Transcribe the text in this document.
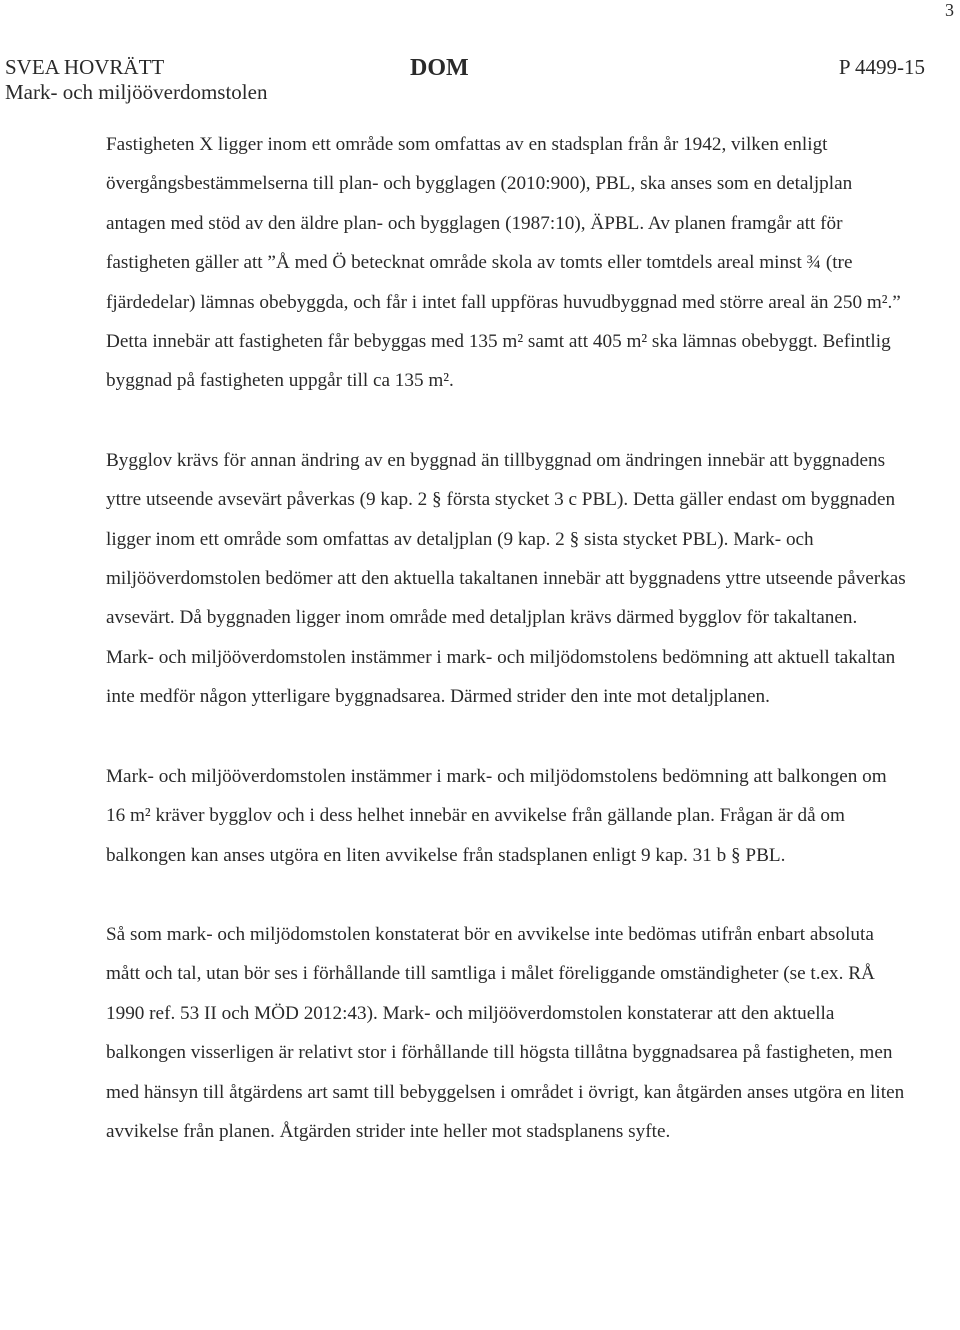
3
SVEA HOVRÄTT
Mark- och miljööverdomstolen
DOM	P 4499-15

Fastigheten X ligger inom ett område som omfattas av en stadsplan från år 1942, vilken enligt övergångsbestämmelserna till plan- och bygglagen (2010:900), PBL, ska anses som en detaljplan antagen med stöd av den äldre plan- och bygglagen (1987:10), ÄPBL. Av planen framgår att för fastigheten gäller att ”Å med Ö betecknat område skola av tomts eller tomtdels areal minst ¾ (tre fjärdedelar) lämnas obebyggda, och får i intet fall uppföras huvudbyggnad med större areal än 250 m².” Detta innebär att fastigheten får bebyggas med 135 m² samt att 405 m² ska lämnas obebyggt. Befintlig byggnad på fastigheten uppgår till ca 135 m².

Bygglov krävs för annan ändring av en byggnad än tillbyggnad om ändringen innebär att byggnadens yttre utseende avsevärt påverkas (9 kap. 2 § första stycket 3 c PBL). Detta gäller endast om byggnaden ligger inom ett område som omfattas av detaljplan (9 kap. 2 § sista stycket PBL). Mark- och miljööverdomstolen bedömer att den aktuella takaltanen innebär att byggnadens yttre utseende påverkas avsevärt. Då byggnaden ligger inom område med detaljplan krävs därmed bygglov för takaltanen. Mark- och miljööverdomstolen instämmer i mark- och miljödomstolens bedömning att aktuell takaltan inte medför någon ytterligare byggnadsarea. Därmed strider den inte mot detaljplanen.

Mark- och miljööverdomstolen instämmer i mark- och miljödomstolens bedömning att balkongen om 16 m² kräver bygglov och i dess helhet innebär en avvikelse från gällande plan. Frågan är då om balkongen kan anses utgöra en liten avvikelse från stadsplanen enligt 9 kap. 31 b § PBL.

Så som mark- och miljödomstolen konstaterat bör en avvikelse inte bedömas utifrån enbart absoluta mått och tal, utan bör ses i förhållande till samtliga i målet föreliggande omständigheter (se t.ex. RÅ 1990 ref. 53 II och MÖD 2012:43). Mark- och miljööverdomstolen konstaterar att den aktuella balkongen visserligen är relativt stor i förhållande till högsta tillåtna byggnadsarea på fastigheten, men med hänsyn till åtgärdens art samt till bebyggelsen i området i övrigt, kan åtgärden anses utgöra en liten avvikelse från planen. Åtgärden strider inte heller mot stadsplanens syfte.
